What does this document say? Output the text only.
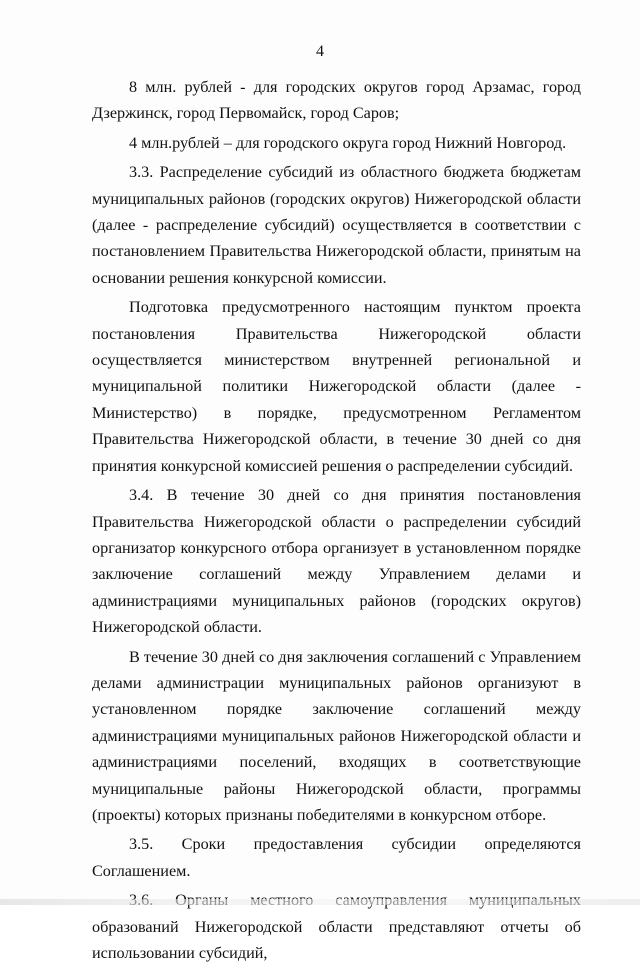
4

8 млн. рублей - для городских округов город Арзамас, город Дзержинск, город Первомайск, город Саров;

4 млн.рублей – для городского округа город Нижний Новгород.

3.3. Распределение субсидий из областного бюджета бюджетам муниципальных районов (городских округов) Нижегородской области (далее - распределение субсидий) осуществляется в соответствии с постановлением Правительства Нижегородской области, принятым на основании решения конкурсной комиссии.

Подготовка предусмотренного настоящим пунктом проекта постановления Правительства Нижегородской области осуществляется министерством внутренней региональной и муниципальной политики Нижегородской области (далее - Министерство) в порядке, предусмотренном Регламентом Правительства Нижегородской области, в течение 30 дней со дня принятия конкурсной комиссией решения о распределении субсидий.

3.4. В течение 30 дней со дня принятия постановления Правительства Нижегородской области о распределении субсидий организатор конкурсного отбора организует в установленном порядке заключение соглашений между Управлением делами и администрациями муниципальных районов (городских округов) Нижегородской области.

В течение 30 дней со дня заключения соглашений с Управлением делами администрации муниципальных районов организуют в установленном порядке заключение соглашений между администрациями муниципальных районов Нижегородской области и администрациями поселений, входящих в соответствующие муниципальные районы Нижегородской области, программы (проекты) которых признаны победителями в конкурсном отборе.

3.5. Сроки предоставления субсидии определяются Соглашением.

образований Нижегородской области представляют отчеты об использовании субсидий,
